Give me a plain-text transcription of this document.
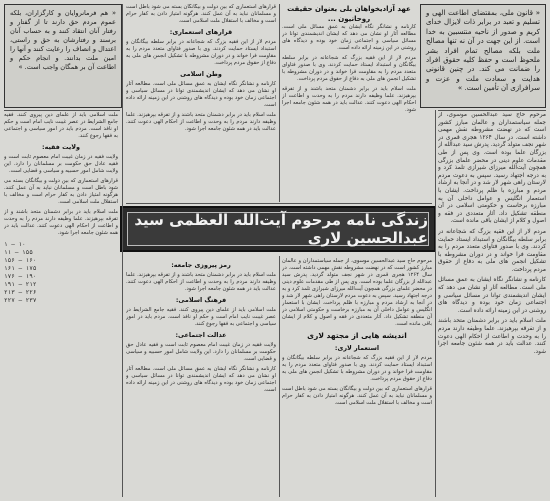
« قانون ملی، بمقتضای اطاعت الهی و تسلیم و تعبد در برابر ذات لایزال خدای کریم و صدور از ناحیه منتسبین به خدا است. از این جهت در آن نه تنها مصالح ملت بلکه مصالح تمام افراد بشر ملحوظ است و حفظ کلیه حقوق افراد را ضمانت می کند. در چنین قانونی هدایت و سعادت ملت و عزت و سرافرازی آن تأمین است. »
« هم فرمانروایان و کارگزاران، بلکه عموم مردم حق دارند تا از گفتار و رفتار آنان انتقاد کنند و به حساب آنان برسند و رفتارشان به حق و راستی، اعتدال و انصاف را رعایت کنند و آنها را امین ملت بدانند. و انجام حکم و اطاعت آن بر همگان واجب است. »
عهد آزادیخواهان بلی بعنوان حقیقت روحانیون ...

کارنامه و نشانگر نگاه ایشان به عمق مسائل ملی است. مطالعه آثار او نشان می دهد که ایشان اندیشمندی توانا در مسائل سیاسی و اجتماعی زمان خود بوده و دیدگاه های روشنی در این زمینه ارائه داده است.

مردم لار از این فقیه بزرگ که شجاعانه در برابر سلطه بیگانگان و استبداد ایستاد حمایت کردند. وی با صدور فتاوای متعدد مردم را به مقاومت فرا خواند و در دوران مشروطه با تشکیل انجمن های ملی به دفاع از حقوق مردم پرداخت.

ملت اسلام باید در برابر دشمنان متحد باشند و از تفرقه بپرهیزند. علما وظیفه دارند مردم را به وحدت و اطاعت از احکام الهی دعوت کنند. عدالت باید در همه شئون جامعه اجرا شود.

قرارهای استعماری که بین دولت و بیگانگان بسته می شود باطل است و مسلمانان نباید به آن عمل کنند. هرگونه امتیاز دادن به کفار حرام است و مخالف با استقلال ملت اسلامی است.

قرارهای استعماری:

مردم لار از این فقیه بزرگ که شجاعانه در برابر سلطه بیگانگان و استبداد ایستاد حمایت کردند. وی با صدور فتاوای متعدد مردم را به مقاومت فرا خواند و در دوران مشروطه با تشکیل انجمن های ملی به دفاع از حقوق مردم پرداخت.

وطن اسلامی

کارنامه و نشانگر نگاه ایشان به عمق مسائل ملی است. مطالعه آثار او نشان می دهد که ایشان اندیشمندی توانا در مسائل سیاسی و اجتماعی زمان خود بوده و دیدگاه های روشنی در این زمینه ارائه داده است.

ملت اسلام باید در برابر دشمنان متحد باشند و از تفرقه بپرهیزند. علما وظیفه دارند مردم را به وحدت و اطاعت از احکام الهی دعوت کنند. عدالت باید در همه شئون جامعه اجرا شود.

ملت اسلامی باید از علمای دین پیروی کنند. فقیه جامع الشرایط در عصر غیبت نایب امام است و حکم او نافذ است. مردم باید در امور سیاسی و اجتماعی به فقها رجوع کنند.

ولایت فقیه:

ولایت فقیه در زمان غیبت امام معصوم ثابت است و فقیه عادل حق حکومت بر مسلمانان را دارد. این ولایت شامل امور حسبیه و سیاسی و قضایی است.

قرارهای استعماری که بین دولت و بیگانگان بسته می شود باطل است و مسلمانان نباید به آن عمل کنند. هرگونه امتیاز دادن به کفار حرام است و مخالف با استقلال ملت اسلامی است.

ملت اسلام باید در برابر دشمنان متحد باشند و از تفرقه بپرهیزند. علما وظیفه دارند مردم را به وحدت و اطاعت از احکام الهی دعوت کنند. عدالت باید در همه شئون جامعه اجرا شود.

۱ — ۱۰
۱۱ — ۱۵۵
۱۵۶ — ۱۶۰
۱۶۱ — ۱۷۵
۱۷۶ — ۱۹۰
۱۹۱ — ۲۱۲
۲۱۳ — ۲۲۶
۲۲۷ — ۲۳۷

مرحوم حاج سید عبدالحسین موسوی، از جمله سیاستمداران و عالمان مبارز کشور است که در نهضت مشروطه نقش مهمی داشته است. در سال ۱۲۶۴ هجری قمری در شهر نجف متولد گردید. پدرش سید عبدالله از بزرگان علما بوده است. وی پس از طی مقدمات علوم دینی در محضر علمای بزرگی همچون آیت‌الله میرزای شیرازی تلمذ کرد و به درجه اجتهاد رسید. سپس به دعوت مردم لارستان راهی شهر لار شد و در آنجا به ارشاد مردم و مبارزه با ظلم پرداخت. ایشان با استعمار انگلیس و عوامل داخلی آن به مبارزه برخاست و حکومتی اسلامی در آن منطقه تشکیل داد. آثار متعددی در فقه و اصول و کلام از ایشان باقی مانده است.

مردم لار از این فقیه بزرگ که شجاعانه در برابر سلطه بیگانگان و استبداد ایستاد حمایت کردند. وی با صدور فتاوای متعدد مردم را به مقاومت فرا خواند و در دوران مشروطه با تشکیل انجمن های ملی به دفاع از حقوق مردم پرداخت.

کارنامه و نشانگر نگاه ایشان به عمق مسائل ملی است. مطالعه آثار او نشان می دهد که ایشان اندیشمندی توانا در مسائل سیاسی و اجتماعی زمان خود بوده و دیدگاه های روشنی در این زمینه ارائه داده است.

ملت اسلام باید در برابر دشمنان متحد باشند و از تفرقه بپرهیزند. علما وظیفه دارند مردم را به وحدت و اطاعت از احکام الهی دعوت کنند. عدالت باید در همه شئون جامعه اجرا شود.

زندگی نامه مرحوم آیت‌الله العظمی سید عبدالحسین لاری

مرحوم حاج سید عبدالحسین موسوی، از جمله سیاستمداران و عالمان مبارز کشور است که در نهضت مشروطه نقش مهمی داشته است. در سال ۱۲۶۴ هجری قمری در شهر نجف متولد گردید. پدرش سید عبدالله از بزرگان علما بوده است. وی پس از طی مقدمات علوم دینی در محضر علمای بزرگی همچون آیت‌الله میرزای شیرازی تلمذ کرد و به درجه اجتهاد رسید. سپس به دعوت مردم لارستان راهی شهر لار شد و در آنجا به ارشاد مردم و مبارزه با ظلم پرداخت. ایشان با استعمار انگلیس و عوامل داخلی آن به مبارزه برخاست و حکومتی اسلامی در آن منطقه تشکیل داد. آثار متعددی در فقه و اصول و کلام از ایشان باقی مانده است.

اندیشه هایی از مجتهد لاری
استعمار لاری:

مردم لار از این فقیه بزرگ که شجاعانه در برابر سلطه بیگانگان و استبداد ایستاد حمایت کردند. وی با صدور فتاوای متعدد مردم را به مقاومت فرا خواند و در دوران مشروطه با تشکیل انجمن های ملی به دفاع از حقوق مردم پرداخت.

قرارهای استعماری که بین دولت و بیگانگان بسته می شود باطل است و مسلمانان نباید به آن عمل کنند. هرگونه امتیاز دادن به کفار حرام است و مخالف با استقلال ملت اسلامی است.

رمز پیروزی جامعه:

ملت اسلام باید در برابر دشمنان متحد باشند و از تفرقه بپرهیزند. علما وظیفه دارند مردم را به وحدت و اطاعت از احکام الهی دعوت کنند. عدالت باید در همه شئون جامعه اجرا شود.

فرهنگ اسلامی:

ملت اسلامی باید از علمای دین پیروی کنند. فقیه جامع الشرایط در عصر غیبت نایب امام است و حکم او نافذ است. مردم باید در امور سیاسی و اجتماعی به فقها رجوع کنند.

عدالت اجتماعی:

ولایت فقیه در زمان غیبت امام معصوم ثابت است و فقیه عادل حق حکومت بر مسلمانان را دارد. این ولایت شامل امور حسبیه و سیاسی و قضایی است.

کارنامه و نشانگر نگاه ایشان به عمق مسائل ملی است. مطالعه آثار او نشان می دهد که ایشان اندیشمندی توانا در مسائل سیاسی و اجتماعی زمان خود بوده و دیدگاه های روشنی در این زمینه ارائه داده است.
